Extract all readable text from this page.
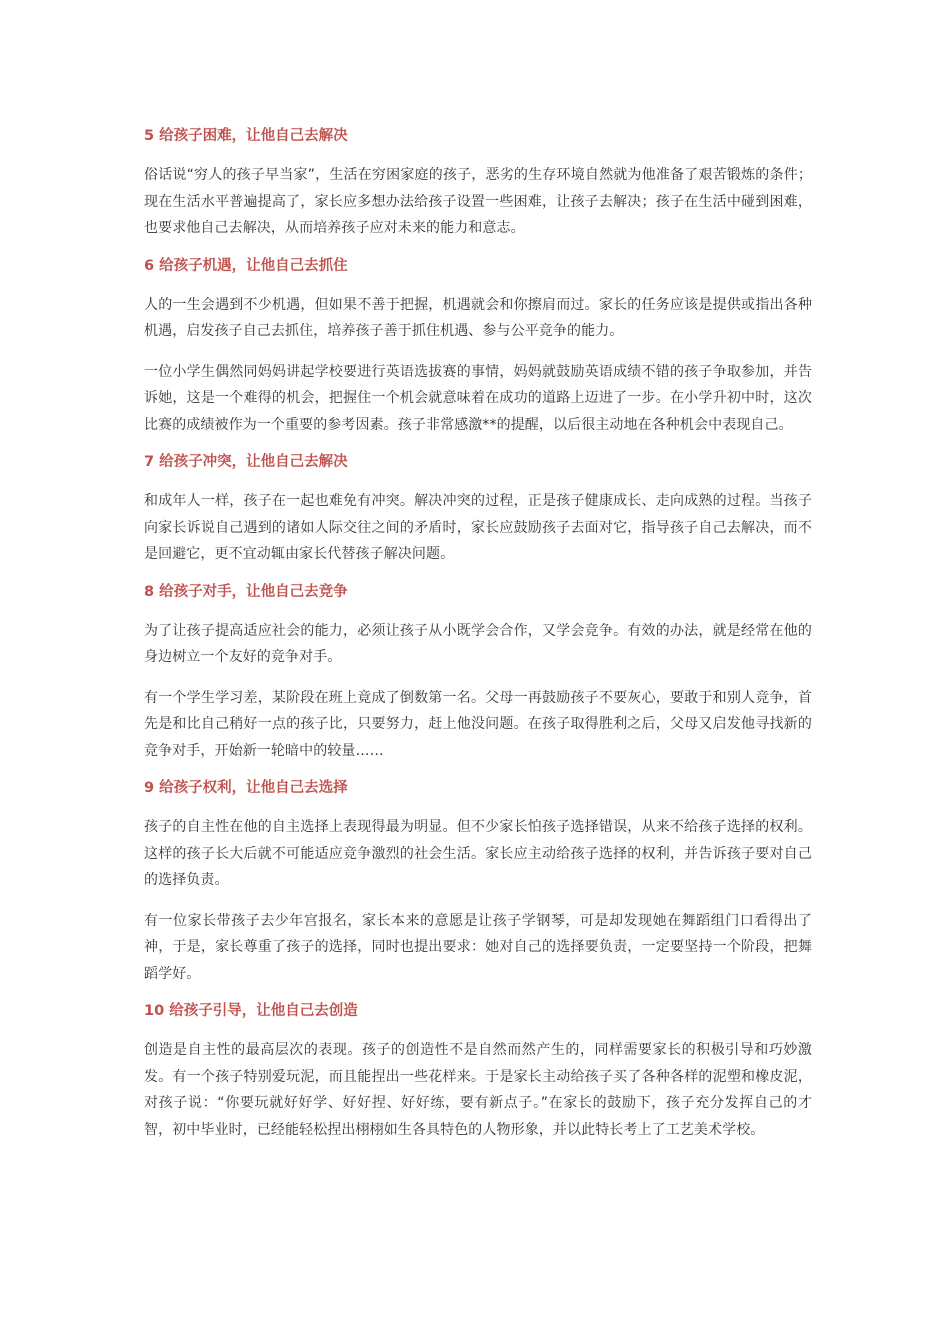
5 给孩子困难，让他自己去解决

俗话说“穷人的孩子早当家”，生活在穷困家庭的孩子，恶劣的生存环境自然就为他准备了艰苦锻炼的条件；现在生活水平普遍提高了，家长应多想办法给孩子设置一些困难，让孩子去解决；孩子在生活中碰到困难，也要求他自己去解决，从而培养孩子应对未来的能力和意志。

6 给孩子机遇，让他自己去抓住

人的一生会遇到不少机遇，但如果不善于把握，机遇就会和你擦肩而过。家长的任务应该是提供或指出各种机遇，启发孩子自己去抓住，培养孩子善于抓住机遇、参与公平竞争的能力。

一位小学生偶然同妈妈讲起学校要进行英语选拔赛的事情，妈妈就鼓励英语成绩不错的孩子争取参加，并告诉她，这是一个难得的机会，把握住一个机会就意味着在成功的道路上迈进了一步。在小学升初中时，这次比赛的成绩被作为一个重要的参考因素。孩子非常感激**的提醒，以后很主动地在各种机会中表现自己。

7 给孩子冲突，让他自己去解决

和成年人一样，孩子在一起也难免有冲突。解决冲突的过程，正是孩子健康成长、走向成熟的过程。当孩子向家长诉说自己遇到的诸如人际交往之间的矛盾时，家长应鼓励孩子去面对它，指导孩子自己去解决，而不是回避它，更不宜动辄由家长代替孩子解决问题。

8 给孩子对手，让他自己去竞争

为了让孩子提高适应社会的能力，必须让孩子从小既学会合作，又学会竞争。有效的办法，就是经常在他的身边树立一个友好的竞争对手。

有一个学生学习差，某阶段在班上竟成了倒数第一名。父母一再鼓励孩子不要灰心，要敢于和别人竞争，首先是和比自己稍好一点的孩子比，只要努力，赶上他没问题。在孩子取得胜利之后，父母又启发他寻找新的竞争对手，开始新一轮暗中的较量……

9 给孩子权利，让他自己去选择

孩子的自主性在他的自主选择上表现得最为明显。但不少家长怕孩子选择错误，从来不给孩子选择的权利。这样的孩子长大后就不可能适应竞争激烈的社会生活。家长应主动给孩子选择的权利，并告诉孩子要对自己的选择负责。

有一位家长带孩子去少年宫报名，家长本来的意愿是让孩子学钢琴，可是却发现她在舞蹈组门口看得出了神，于是，家长尊重了孩子的选择，同时也提出要求：她对自己的选择要负责，一定要坚持一个阶段，把舞蹈学好。

10 给孩子引导，让他自己去创造

创造是自主性的最高层次的表现。孩子的创造性不是自然而然产生的，同样需要家长的积极引导和巧妙激发。有一个孩子特别爱玩泥，而且能捏出一些花样来。于是家长主动给孩子买了各种各样的泥塑和橡皮泥，对孩子说：“你要玩就好好学、好好捏、好好练，要有新点子。”在家长的鼓励下，孩子充分发挥自己的才智，初中毕业时，已经能轻松捏出栩栩如生各具特色的人物形象，并以此特长考上了工艺美术学校。
